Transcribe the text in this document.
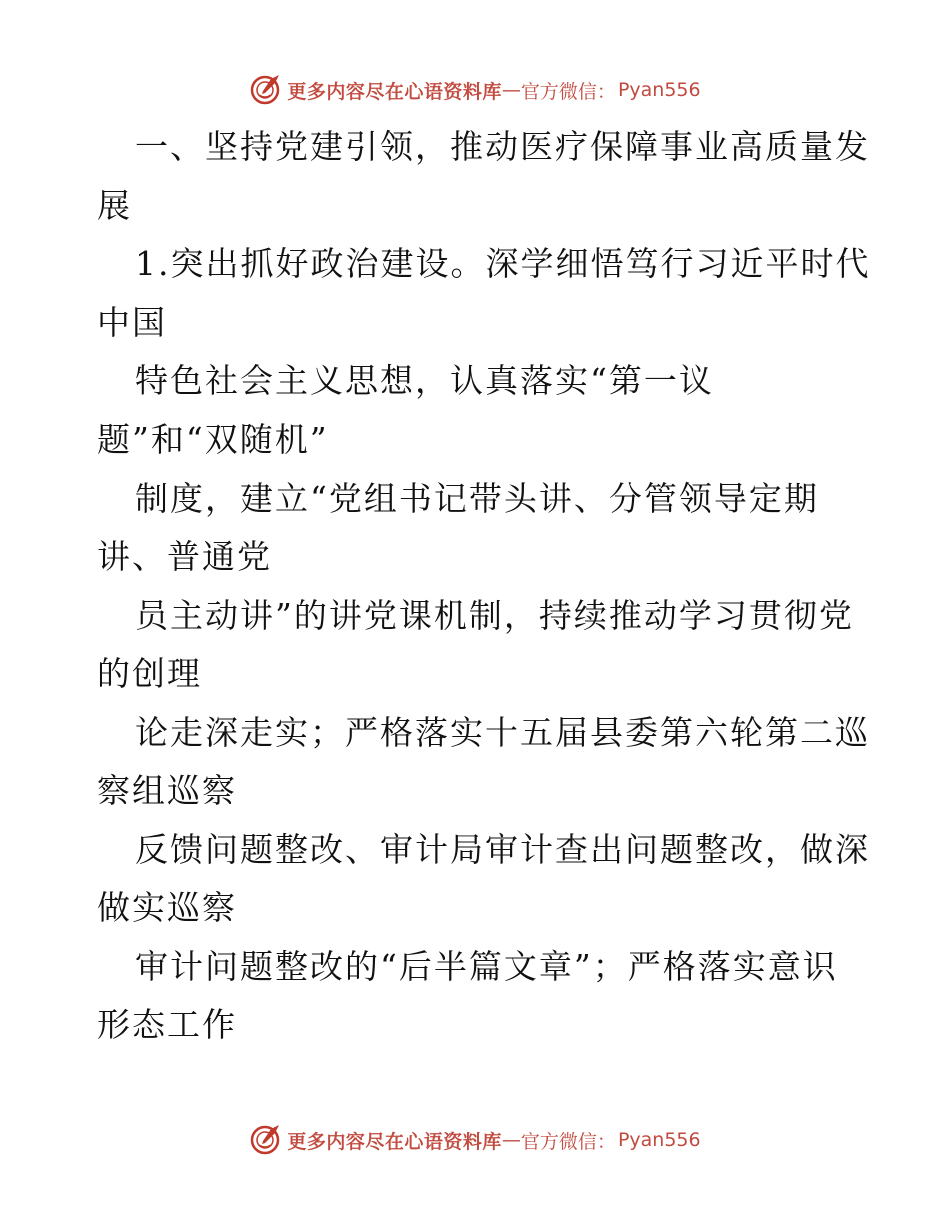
更多内容尽在心语资料库 — 官方微信 ： Pyan556
一、坚持党建引领，推动医疗保障事业高质量发
展
1.突出抓好政治建设。深学细悟笃行习近平时代
中国
特色社会主义思想，认真落实“第一议
题”和“双随机”
制度，建立“党组书记带头讲、分管领导定期
讲、普通党
员主动讲”的讲党课机制，持续推动学习贯彻党
的创理
论走深走实；严格落实十五届县委第六轮第二巡
察组巡察
反馈问题整改、审计局审计查出问题整改，做深
做实巡察
审计问题整改的“后半篇文章”；严格落实意识
形态工作
更多内容尽在心语资料库 — 官方微信 ： Pyan556
